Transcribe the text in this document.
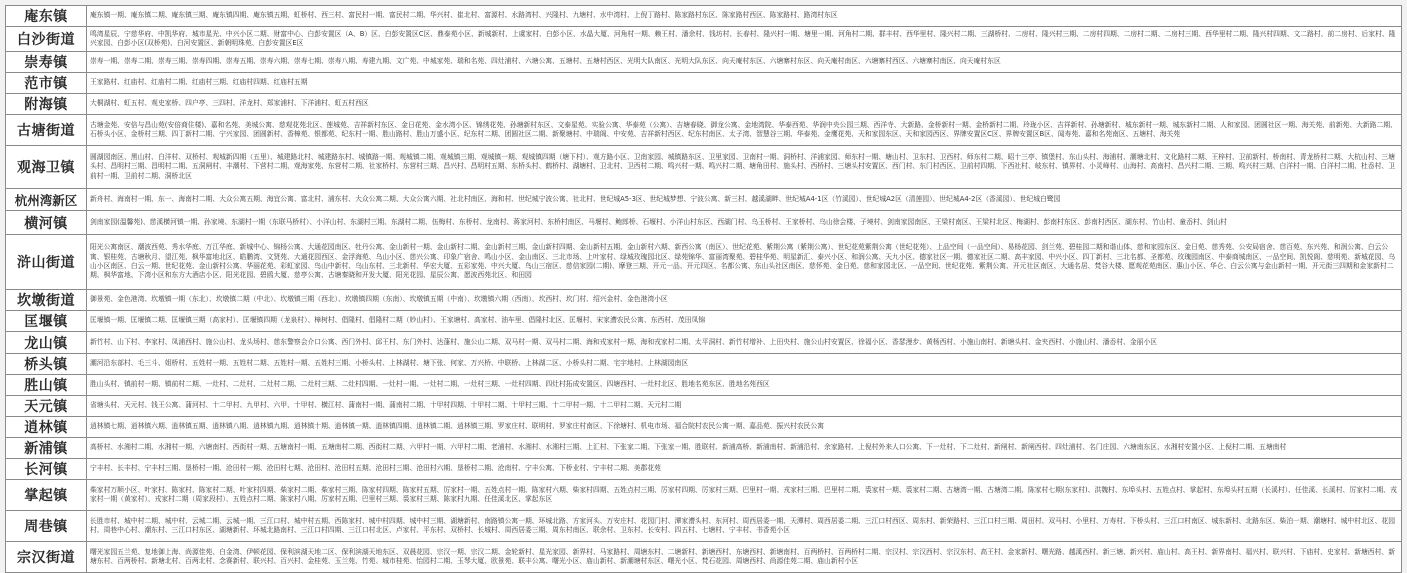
庵东镇	庵东镇一期、庵东镇二期、庵东镇三期、庵东镇四期、庵东镇五期、虹桥村、西三村、富民村一期、富民村二期、华兴村、崔北村、富源村、水路湾村、兴隆村、九塘村、水中湾村、上倪丁路村、陈家路村东区、陈家路村西区、陈家路村、路湾村东区
白沙街道	鸣湾星辰、宁慈华府、中凯华府、城市星光、中兴小区二期、财富中心、白彭安置区（A、B）区、白彭安置区C区、鼎泰苑小区、新城新村、上虞家村、白彭小区、水晶大厦、河角村一期、赖王村、潘余村、钱坊村、长春村、隆兴村一期、塘里一期、河角村二期、群丰村、西华里村、隆兴村二期、三湖桥村、二房村、隆兴村三期、二房村四期、二房村二期、二房村三期、西华里村二期、隆兴村四期、文二路村、前二房村、后家村、隆兴家园、白彭小区(双桥苑)、白河安置区、新朝明珠苑、白彭安置区E区
崇寿镇	崇寿一期、崇寿二期、崇寿三期、崇寿四期、崇寿五期、崇寿六期、崇寿七期、崇寿八期、寿建九期、文广苑、中城家苑、瑞和名苑、四灶浦村、六塘公寓、五塘村、五塘村西区、光明大队南区、光明大队东区、向天庵村东区、六塘寨村东区、向天庵村南区、六塘寨村西区、六塘寨村南区、向天庵村东区
范市镇	王家路村、红庙村、红庙村二期、红庙村三期、红庙村四期、红庙村五期
附海镇	大桐湖村、虹五村、观史家桥、四户亭、三四村、洋龙村、郑家浦村、下洋浦村、虹五村西区
古塘街道	古塘金苑、安倍与昌山苑(安倍商住楼)、嘉和名苑、美城公寓、慈观花苑北区、莲城苑、吉祥新村东区、金日花苑、金水湾小区、锦绣花苑、孙塘新村东区、文泰星苑、实验公寓、华泰苑（公寓）、吉塘春晓、御龙公寓、金地湾院、华泰西苑、华润中央公园三期、西洋寺、大新路、金桥新村一期、金桥新村二期、玲珑小区、吉祥新村、孙塘新村、城东新村一期、城东新村二期、人和家园、团圆社区一期、海关苑、前新苑、大新路二期、石桥头小区、金桥村三期、四丁新村二期、宁兴家园、团圆新村、香樟苑、银都苑、纪东村一期、胜山路村、胜山万盛小区、纪东村二期、团圆社区二期、新聚塘村、中瑞阁、中安苑、吉祥新村西区、纪东村南区、太子湾、智慧谷三期、华泰苑、金鹰花苑、天和家园东区、天和家园西区、界牌安置区C区、界牌安置区B区、闻寿苑、嘉和名苑南区、五塘村、海关苑
观海卫镇	圆湖园南区、黑山村、白洋村、双桥村、观城新四期（五里）、城建路北村、城建路东村、城镇路一期、观城镇二期、观城镇三期、观城镇一期、观城镇四期（塘下村）、观方路小区、卫南家园、城镇路东区、卫里家园、卫南村一期、洞桥村、洋浦家园、师东村一期、塘山村、卫东村、卫西村、师东村二期、昭十三亭、镇堡村、东山头村、海浦村、潮塘北村、文化路村二期、王梓村、卫前新村、桥南村、青龙桥村二期、大杭山村、三塘头村、昌明村三期、昌明村二期、五洞闸村、丰潮村、下营村二期、观海家苑、东营村二期、社家桥村、东营村三期、昌兴村、昌明村五期、东桥头村、鹤桥村、湖塘村、卫北村、卫西村二期、鸣兴村一期、鸣兴村二期、塘角田村、施头村、西桥村、三塘头村安置区、西门村、东门村西区、卫前村四期、下西社村、岐东村、镇界村、小灵峰村、山海村、高南村、昌兴村二期、三期、鸣兴村三期、白洋村一期、白洋村二期、杜岙村、卫前村一期、卫前村二期、洞桥北区
杭州湾新区	新舟村、海南村一期、东一、海南村二期、大众公寓五期、海宜公寓、富北村、浦东村、大众公寓二期、大众公寓六期、社北村南区、海和村、世纪城宁波公寓、社北村、世纪城A5-3区、世纪城梦想、宁波公寓、新三村、越溪湖畔、世纪城A4-1区（竹溪园）、世纪城A2区（清莲园）、世纪城A4-2区（香溪园）、世纪城白鹭园
横河镇	剑南家园(温馨苑)、慈溪横河镇一期、孙家境、东湖村一期（东联马桥村）、小洋山村、东湖村三期、东湖村二期、伍梅村、东桥村、龙南村、蒋家河村、东桥村南区、马堰村、鲍郎桥、石堰村、小洋山村东区、西湖门村、乌玉桥村、王家桥村、乌山徐会楼、子境村、剑南家园南区、王梁村南区、王梁村北区、梅湖村、彭南村东区、彭南村西区、湖东村、竹山村、童岙村、剑山村
浒山街道	阳光公寓南区、潮波西苑、秀水华庭、万江华庭、新城中心、锦杨公寓、大通花园南区、牡丹公寓、金山新村一期、金山新村二期、金山新村三期、金山新村四期、金山新村五期、金山新村六期、新西公寓（南区）、世纪花苑、紫荆公寓（紫荆公寓）、世纪花苑紫荆公寓（世纪花苑）、上品空间（一品空间）、易杨花园、剑兰苑、碧桂园二期和谐山体、慈和家园东区、金日苑、慈秀苑、公安局宿舍、慈百苑、东兴苑、和润公寓、白云公寓、银桂苑、古塘秋月、望江苑、枫华富地北区、皓鹏湾、文贤苑、大通花园西区、金浮海苑、乌山小区、慈兴公寓、印象广宿舍、鸣山小区、金山南区、三北市场、上叶家村、绿城玫瑰园北区、绿苑锦华、富丽湾聚苑、碧桂华苑、明星新汇、泰兴小区、和润公寓、天九小区、德家社区一期、德家社区二期、高丰家园、中兴小区、四丁新村、三北名都、圣都苑、玫瑰园南区、中泰商城南区、一品空间、凯悦阁、慈明苑、新城花园、乌山小区南区、白云一期、世纪花苑、金山新村公寓、华丽花苑、彩虹家园、鸟山中新村、乌山东村、三北新村、华宏大厦、五彩家苑、中兴大厦、鸟山三宿区、慈信家园(二期)、摩登三期、开元一品、开元四区、名都公寓、东山头社区南区、慈怀苑、金日苑、慈和家园北区、一品空间、世纪花苑、紫荆公寓、开元社区南区、大通名居、梵谷大楼、愿观花苑南区、惠山小区、华仑、白云公寓与金山新村一期、开元街三四期和金家新村二期、枫华富地、下湾小区和东方大酒店小区、阳光花园、碧鸥大厦、慈亭公寓、古塘秦晓和开发大厦、阳光花园、星辰公寓、愿波西苑北区、和田园
坎墩街道	御景苑、金色港湾、坎墩镇一期（东北）、坎墩镇二期（中北）、坎墩镇三期（西北）、坎墩镇四期（东南）、坎墩镇五期（中南）、坎墩镇六期（西南）、坎西村、坎门村、绍兴金村、金色港湾小区
匡堰镇	匡堰镇一期、匡堰镇二期、匡堰镇三期（高家村）、匡堰镇四期（龙泉村）、樟树村、倡隆村、倡隆村二期（妙山村）、王家塘村、高家村、油车里、倡隆村北区、匡堰村、宋家漕农民公寓、东西村、茂田凤锦
龙山镇	新竹村、山下村、李家村、凤浦西村、施公山村、龙头场村、慈东警察会介口公寓、西门外村、邱王村、东门外村、达蓬村、施公山二期、双马村一期、双马村二期、海和戎家村一期、海和戎家村二期、太平洞村、新竹村增补、上田央村、施公山村安置区、徐福小区、香瑟漫步、黄杨西村、小施山南村、新塘头村、金夹西村、小施山村、潘岙村、金丽小区
桥头镇	潮河沿东部村、毛三斗、姐桥村、五姓村一期、五姓村二期、五姓村一期、五姓村三期、小桥头村、上林湖村、塘下张、何家、万兴桥、中联桥、上林湖二区、小桥头村二期、宅宇地村、上林湖园南区
胜山镇	胜山头村、镇前村一期、镇前村二期、一灶村、二灶村、二灶村二期、二灶村三期、二灶村四期、一灶村一期、一灶村二期、一灶村三期、一灶村四期、四灶村拓成安置区、四塘西村、一灶村北区、胜地名苑东区、胜地名苑西区
天元镇	省塘头村、天元村、钱王公寓、蒲河村、十二甲村、九甲村、六甲、十甲村、横江村、蒲南村一期、蒲南村二期、十甲村四期、十甲村二期、十甲村三期、十二甲村一期、十二甲村二期、天元村二期
逍林镇	逍林镇七期、逍林镇六期、逍林镇五期、逍林镇八期、逍林镇九期、逍林镇十期、逍林镇一期、逍林镇四期、逍林镇二期、逍林镇三期、罗家庄村、联明村、罗家庄村南区、下徐塘村、机电市场、福合院村农民公寓一期、嘉品苑、振兴村农民公寓
新浦镇	高桥村、水湘村二期、水湘村一期、六塘南村、西街村一期、五塘南村一期、五塘南村二期、西街村二期、六甲村一期、六甲村二期、老浦村、水湘村、水湘村三期、上汇村、下张家二期、下张家一期、胜联村、新浦高桥、新浦南村、新浦沿村、余家路村、上倪村外来人口公寓、下一灶村、下二灶村、新闸村、新闸西村、四灶浦村、名门庄园、六塘南东区、水湘村安置小区、上倪村二期、五塘南村
长河镇	宁丰村、长丰村、宁丰村三期、垦桥村一期、沧田村一期、沧田村七期、沧田村、沧田村五期、沧田村三期、沧田村六期、垦桥村二期、沧南村、宁丰公寓、下桥业村、宁丰村二期、美郡花苑
掌起镇	柴家村万顺小区、叶家村、陈家村、陈家村二期、叶家村四期、柴家村二期、柴家村三期、陈家村四期、陈家村五期、厉家村一期、五姓点村一期、陈家村六期、柴家村四期、五姓点村三期、厉家村四期、厉家村三期、巴里村一期、戎家村三期、巴里村二期、裘家村一期、裘家村二期、古塘湾一期、古塘湾二期、陈家村七期(东家村)、洪魏村、东埠头村、五姓点村、掌起村、东埠头村五期（长溪村）、任佳溪、长溪村、厉家村二期、戎家村一期（黄家村）、戎家村二期（周家段村）、五姓点村二期、陈家村八期、厉家村五期、巴里村三期、裘家村三期、陈家村九期、任佳溪北区、掌起东区
周巷镇	长胜市村、城中村二期、城中村、云城二期、云城一期、三江口村、城中村五期、西陈家村、城中村四期、城中村三期、湖塘新村、南路镇公寓一期、环城北路、方家河头、万安庄村、花园门村、潭家漕头村、东河村、周西居委一期、天潭村、周西居委二期、三江口村西区、周东村、新荣路村、三江口村三期、周田村、双马村、小里村、万寿村、下桥头村、三江口村南区、城东新村、北路东区、柴泊一期、潮塘村、城中村北区、花园村、周巷中心村、潮东村、三江口村东区、湖塘新村、环城北路南村、三江口村四期、三江口村北区、卢家村、平东村、双桥村、长城村、周西居委三期、周东村南区、联余村、卫东村、长安村、四五村、七塘村、宁丰村、书香苑小区
宗汉街道	曙光家园五兰苑、复地御上海、尚源佳苑、白金湾、伊顿花园、保利滨湖天地二区、保利滨湖天地东区、双晨花园、宗汉一期、宗汉二期、金轮新村、星光家园、新界村、马家路村、周塘东村、二塘新村、新塘西村、东塘西村、新塘南村、百两桥村、百两桥村二期、宗汉村、宗汉西村、宗汉东村、高王村、金家新村、曙光路、越溪西村、新三塘、新兴村、庙山村、高王村、新界南村、福兴村、联兴村、下庙村、史家村、新塘西村、新塘东村、百两桥村、新塘北村、百两北村、念赛新村、联兴村、百兴村、金桂苑、玉兰苑、竹苑、城市桂苑、怡园村二期、玉琴大厦、欧景苑、联丰公寓、曙光小区、庙山新村、新潮塘村东区、曙光小区、梵石花园、周塘西村、尚源佳苑二期、庙山新村小区
